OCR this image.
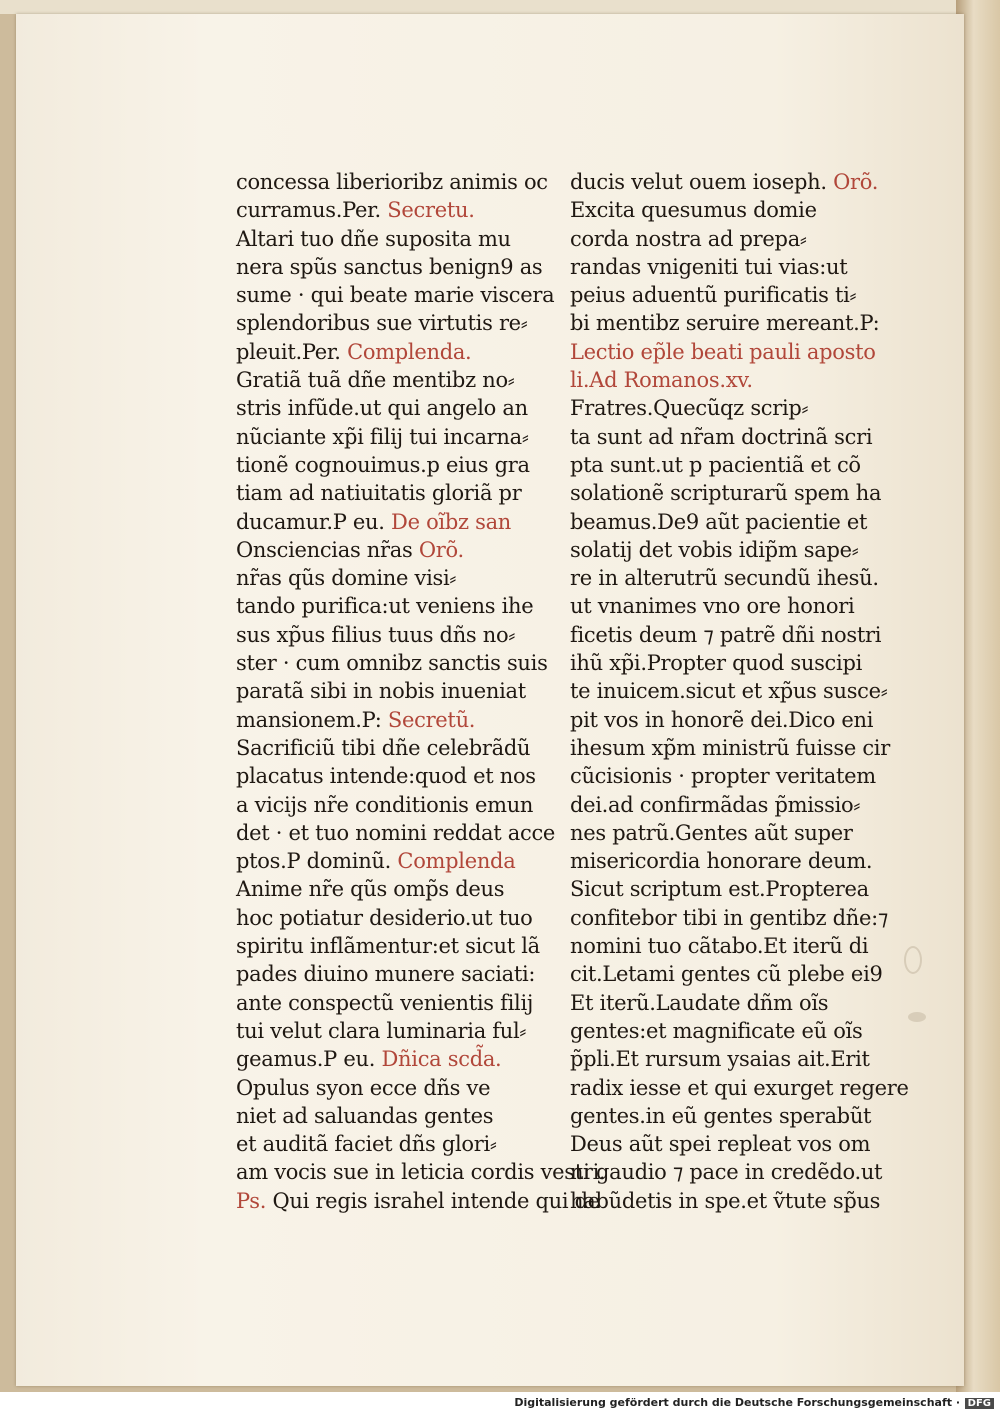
concessa liberioribz animis oc
curramus.Per. Secretu.
Altari tuo dñe suposita mu
nera spũs sanctus benign9 as
sume · qui beate marie viscera
splendoribus sue virtutis re⸗
pleuit.Per. Complenda.
Gratiã tuã dñe mentibz no⸗
stris infũde.ut qui angelo an
nũciante xp̃i filij tui incarna⸗
tionẽ cognouimus.p eius gra
tiam ad natiuitatis gloriã pr
ducamur.P eu. De oĩbz san
Onsciencias nr̃as Orõ.
nr̃as qũs domine visi⸗
tando purifica:ut veniens ihe
sus xp̃us filius tuus dñs no⸗
ster · cum omnibz sanctis suis
paratã sibi in nobis inueniat
mansionem.P: Secretũ.
Sacrificiũ tibi dñe celebrãdũ
placatus intende:quod et nos
a vicijs nr̃e conditionis emun
det · et tuo nomini reddat acce
ptos.P dominũ. Complenda
Anime nr̃e qũs omp̃s deus
hoc potiatur desiderio.ut tuo
spiritu inflãmentur:et sicut lã
pades diuino munere saciati:
ante conspectũ venientis filij
tui velut clara luminaria ful⸗
geamus.P eu. Dñica scd̃a.
Opulus syon ecce dñs ve
niet ad saluandas gentes
et auditã faciet dñs glori⸗
am vocis sue in leticia cordis vestri.
Ps. Qui regis israhel intende qui de
ducis velut ouem ioseph. Orõ.
Excita quesumus domie
corda nostra ad prepa⸗
randas vnigeniti tui vias:ut
peius aduentũ purificatis ti⸗
bi mentibz seruire mereant.P:
Lectio ep̃le beati pauli aposto
li.Ad Romanos.xv.
Fratres.Quecũqz scrip⸗
ta sunt ad nr̃am doctrinã scri
pta sunt.ut p pacientiã et cõ
solationẽ scripturarũ spem ha
beamus.De9 aũt pacientie et
solatij det vobis idip̃m sape⸗
re in alterutrũ secundũ ihesũ.
ut vnanimes vno ore honori
ficetis deum ⁊ patrẽ dñi nostri
ihũ xp̃i.Propter quod suscipi
te inuicem.sicut et xp̃us susce⸗
pit vos in honorẽ dei.Dico eni
ihesum xp̃m ministrũ fuisse cir
cũcisionis · propter veritatem
dei.ad confirmãdas p̃missio⸗
nes patrũ.Gentes aũt super
misericordia honorare deum.
Sicut scriptum est.Propterea
confitebor tibi in gentibz dñe:⁊
nomini tuo cãtabo.Et iterũ di
cit.Letami gentes cũ plebe ei9
Et iterũ.Laudate dñm oĩs
gentes:et magnificate eũ oĩs
p̃pli.Et rursum ysaias ait.Erit
radix iesse et qui exurget regere
gentes.in eũ gentes sperabũt
Deus aũt spei repleat vos om
ni gaudio ⁊ pace in credẽdo.ut
habũdetis in spe.et ṽtute sp̃us
Digitalisierung gefördert durch die Deutsche Forschungsgemeinschaft · DFG
